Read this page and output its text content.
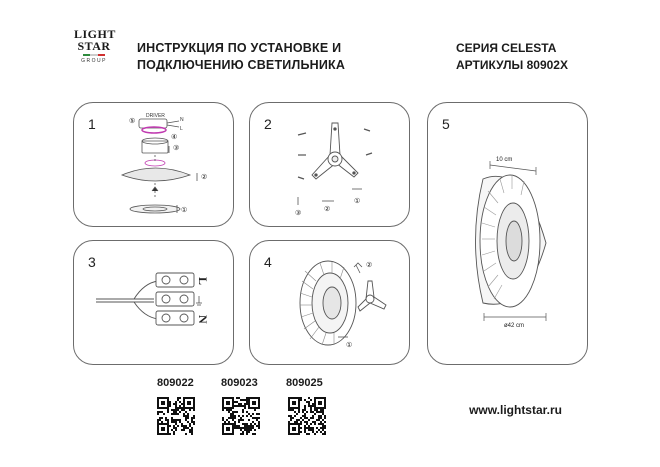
LIGHT
STAR
GROUP
ИНСТРУКЦИЯ ПО УСТАНОВКЕ И
ПОДКЛЮЧЕНИЮ СВЕТИЛЬНИКА
СЕРИЯ CELESTA
АРТИКУЛЫ 80902X
1	DRIVER
N
L
⑤
④
③
②
①
2
③
②
①
3
L
N
4	②
①
5
10 cm
ø42 cm
809022 809023	809025
www.lightstar.ru
